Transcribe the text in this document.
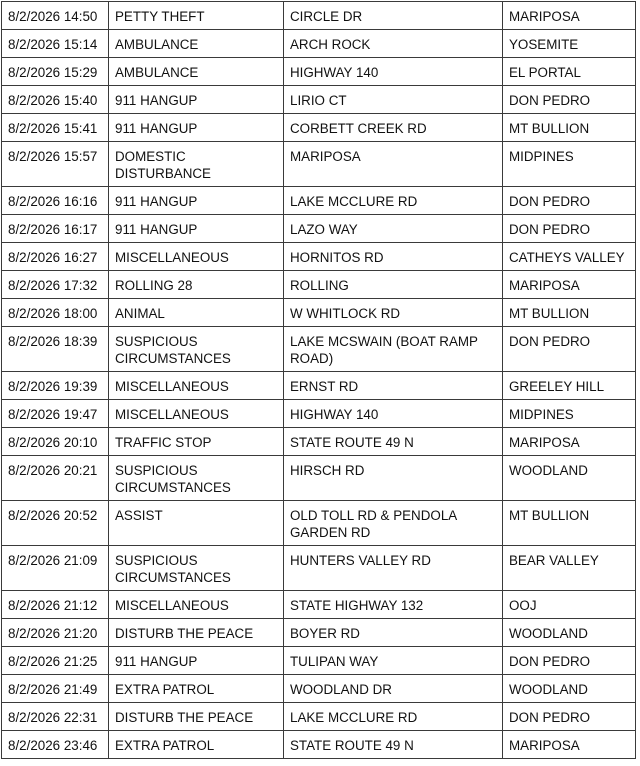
8/2/2026 14:50	PETTY THEFT	CIRCLE DR	MARIPOSA
8/2/2026 15:14	AMBULANCE	ARCH ROCK	YOSEMITE
8/2/2026 15:29	AMBULANCE	HIGHWAY 140	EL PORTAL
8/2/2026 15:40	911 HANGUP	LIRIO CT	DON PEDRO
8/2/2026 15:41	911 HANGUP	CORBETT CREEK RD	MT BULLION
8/2/2026 15:57	DOMESTIC DISTURBANCE	MARIPOSA	MIDPINES
8/2/2026 16:16	911 HANGUP	LAKE MCCLURE RD	DON PEDRO
8/2/2026 16:17	911 HANGUP	LAZO WAY	DON PEDRO
8/2/2026 16:27	MISCELLANEOUS	HORNITOS RD	CATHEYS VALLEY
8/2/2026 17:32	ROLLING 28	ROLLING	MARIPOSA
8/2/2026 18:00	ANIMAL	W WHITLOCK RD	MT BULLION
8/2/2026 18:39	SUSPICIOUS CIRCUMSTANCES	LAKE MCSWAIN (BOAT RAMP ROAD)	DON PEDRO
8/2/2026 19:39	MISCELLANEOUS	ERNST RD	GREELEY HILL
8/2/2026 19:47	MISCELLANEOUS	HIGHWAY 140	MIDPINES
8/2/2026 20:10	TRAFFIC STOP	STATE ROUTE 49 N	MARIPOSA
8/2/2026 20:21	SUSPICIOUS CIRCUMSTANCES	HIRSCH RD	WOODLAND
8/2/2026 20:52	ASSIST	OLD TOLL RD & PENDOLA GARDEN RD	MT BULLION
8/2/2026 21:09	SUSPICIOUS CIRCUMSTANCES	HUNTERS VALLEY RD	BEAR VALLEY
8/2/2026 21:12	MISCELLANEOUS	STATE HIGHWAY 132	OOJ
8/2/2026 21:20	DISTURB THE PEACE	BOYER RD	WOODLAND
8/2/2026 21:25	911 HANGUP	TULIPAN WAY	DON PEDRO
8/2/2026 21:49	EXTRA PATROL	WOODLAND DR	WOODLAND
8/2/2026 22:31	DISTURB THE PEACE	LAKE MCCLURE RD	DON PEDRO
8/2/2026 23:46	EXTRA PATROL	STATE ROUTE 49 N	MARIPOSA
